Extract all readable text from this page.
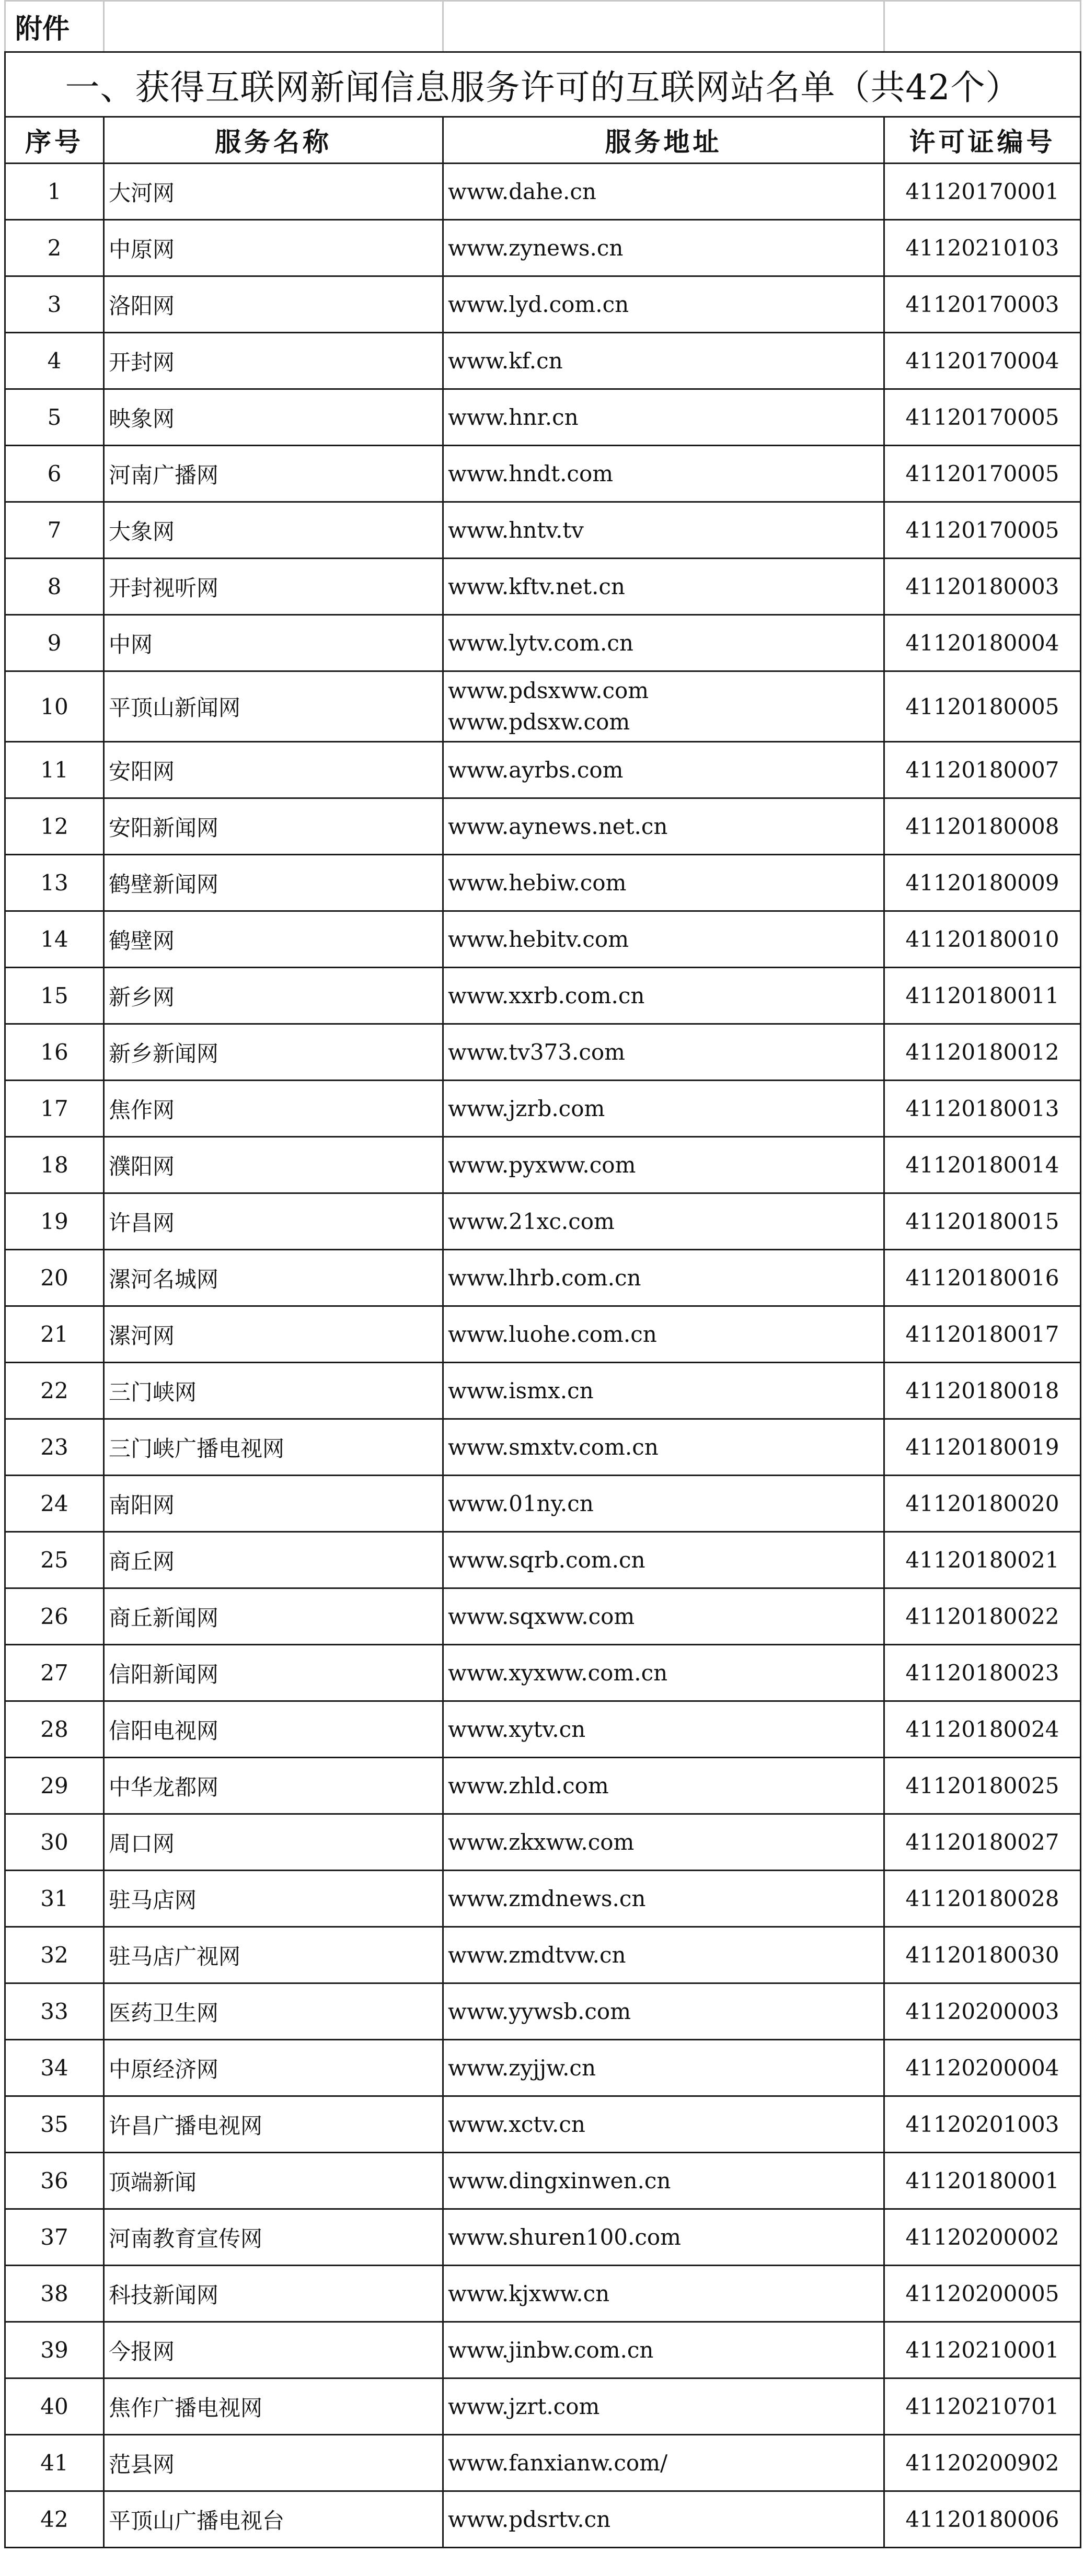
附件			
一、获得互联网新闻信息服务许可的互联网站名单（共42个）			
序号	服务名称	服务地址	许可证编号
1	大河网	www.dahe.cn	41120170001
2	中原网	www.zynews.cn	41120210103
3	洛阳网	www.lyd.com.cn	41120170003
4	开封网	www.kf.cn	41120170004
5	映象网	www.hnr.cn	41120170005
6	河南广播网	www.hndt.com	41120170005
7	大象网	www.hntv.tv	41120170005
8	开封视听网	www.kftv.net.cn	41120180003
9	中网	www.lytv.com.cn	41120180004
10	平顶山新闻网	www.pdsxww.com
www.pdsxw.com	41120180005
11	安阳网	www.ayrbs.com	41120180007
12	安阳新闻网	www.aynews.net.cn	41120180008
13	鹤壁新闻网	www.hebiw.com	41120180009
14	鹤壁网	www.hebitv.com	41120180010
15	新乡网	www.xxrb.com.cn	41120180011
16	新乡新闻网	www.tv373.com	41120180012
17	焦作网	www.jzrb.com	41120180013
18	濮阳网	www.pyxww.com	41120180014
19	许昌网	www.21xc.com	41120180015
20	漯河名城网	www.lhrb.com.cn	41120180016
21	漯河网	www.luohe.com.cn	41120180017
22	三门峡网	www.ismx.cn	41120180018
23	三门峡广播电视网	www.smxtv.com.cn	41120180019
24	南阳网	www.01ny.cn	41120180020
25	商丘网	www.sqrb.com.cn	41120180021
26	商丘新闻网	www.sqxww.com	41120180022
27	信阳新闻网	www.xyxww.com.cn	41120180023
28	信阳电视网	www.xytv.cn	41120180024
29	中华龙都网	www.zhld.com	41120180025
30	周口网	www.zkxww.com	41120180027
31	驻马店网	www.zmdnews.cn	41120180028
32	驻马店广视网	www.zmdtvw.cn	41120180030
33	医药卫生网	www.yywsb.com	41120200003
34	中原经济网	www.zyjjw.cn	41120200004
35	许昌广播电视网	www.xctv.cn	41120201003
36	顶端新闻	www.dingxinwen.cn	41120180001
37	河南教育宣传网	www.shuren100.com	41120200002
38	科技新闻网	www.kjxww.cn	41120200005
39	今报网	www.jinbw.com.cn	41120210001
40	焦作广播电视网	www.jzrt.com	41120210701
41	范县网	www.fanxianw.com/	41120200902
42	平顶山广播电视台	www.pdsrtv.cn	41120180006
